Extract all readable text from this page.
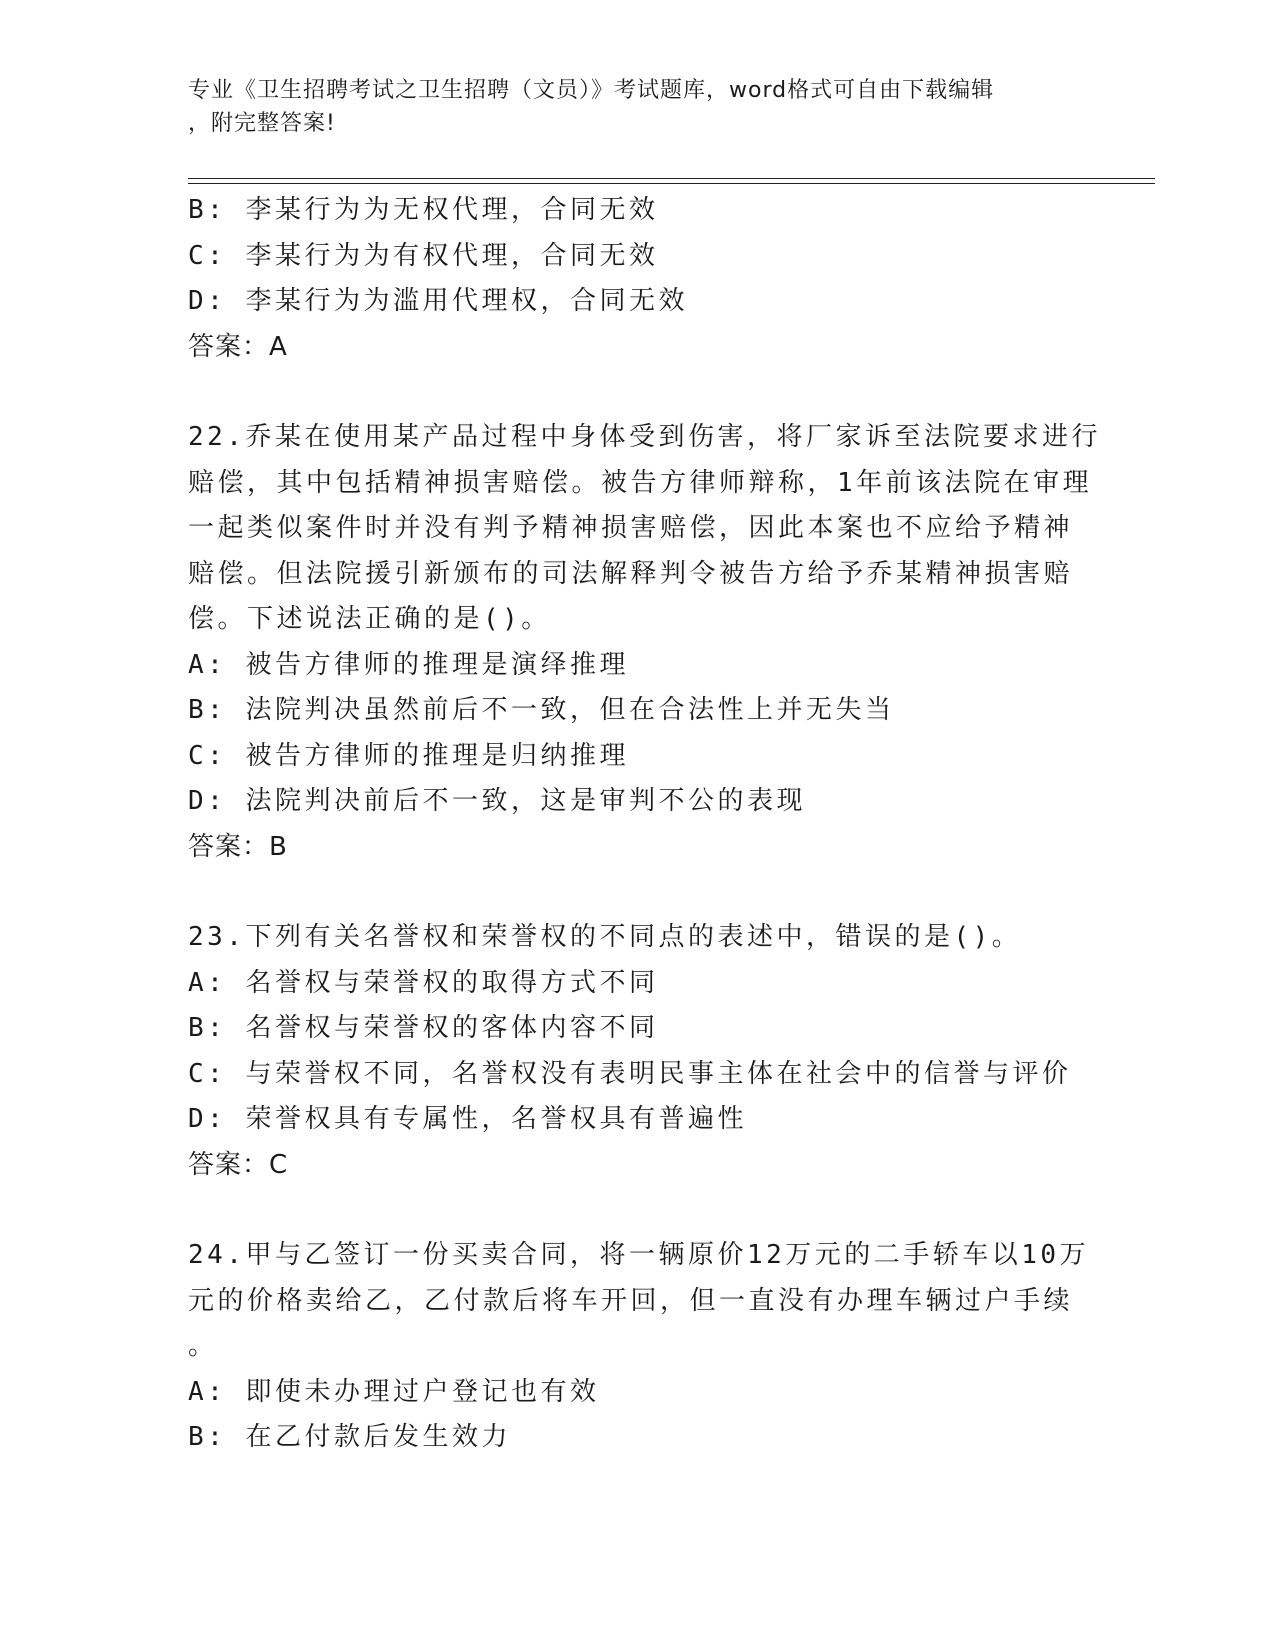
专业《卫生招聘考试之卫生招聘（文员）》考试题库，word格式可自由下载编辑
，附完整答案!
B: 李某行为为无权代理，合同无效
C: 李某行为为有权代理，合同无效
D: 李某行为为滥用代理权，合同无效
答案：A
22.乔某在使用某产品过程中身体受到伤害，将厂家诉至法院要求进行
赔偿，其中包括精神损害赔偿。被告方律师辩称，1年前该法院在审理
一起类似案件时并没有判予精神损害赔偿，因此本案也不应给予精神
赔偿。但法院援引新颁布的司法解释判令被告方给予乔某精神损害赔
偿。下述说法正确的是()。
A: 被告方律师的推理是演绎推理
B: 法院判决虽然前后不一致，但在合法性上并无失当
C: 被告方律师的推理是归纳推理
D: 法院判决前后不一致，这是审判不公的表现
答案：B
23.下列有关名誉权和荣誉权的不同点的表述中，错误的是()。
A: 名誉权与荣誉权的取得方式不同
B: 名誉权与荣誉权的客体内容不同
C: 与荣誉权不同，名誉权没有表明民事主体在社会中的信誉与评价
D: 荣誉权具有专属性，名誉权具有普遍性
答案：C
24.甲与乙签订一份买卖合同，将一辆原价12万元的二手轿车以10万
元的价格卖给乙，乙付款后将车开回，但一直没有办理车辆过户手续
。
A: 即使未办理过户登记也有效
B: 在乙付款后发生效力
